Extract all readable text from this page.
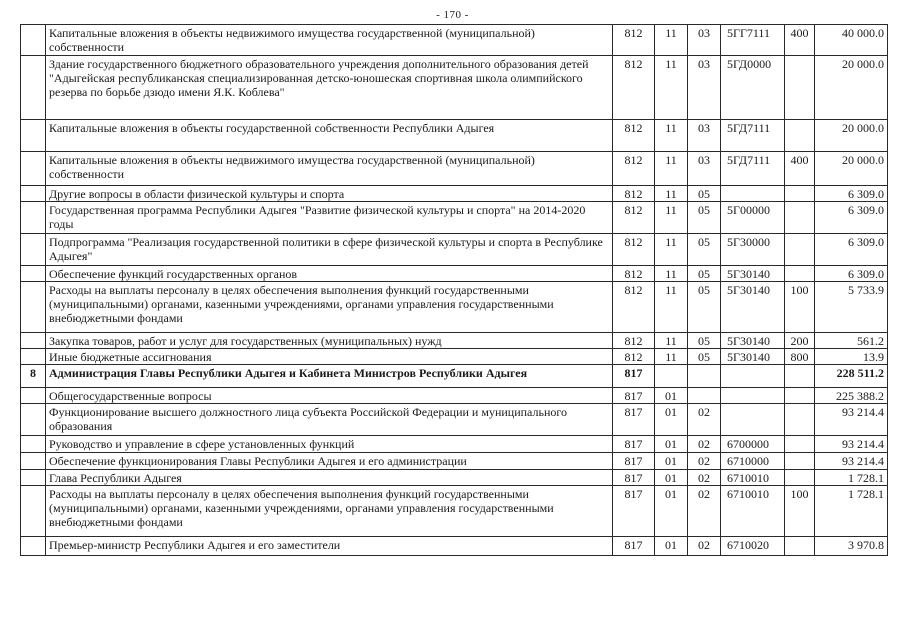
- 170 -
	Капитальные вложения в объекты недвижимого имущества государственной (муниципальной) собственности	812	11	03	5ГГ7111	400	40 000.0
	Здание государственного бюджетного образовательного учреждения дополнительного образования детей "Адыгейская республиканская специализированная детско-юношеская спортивная школа олимпийского резерва по борьбе дзюдо имени Я.К. Коблева"	812	11	03	5ГД0000		20 000.0
	Капитальные вложения в объекты государственной собственности Республики Адыгея	812	11	03	5ГД7111		20 000.0
	Капитальные вложения в объекты недвижимого имущества государственной (муниципальной) собственности	812	11	03	5ГД7111	400	20 000.0
	Другие вопросы в области физической культуры и спорта	812	11	05			6 309.0
	Государственная программа Республики Адыгея "Развитие физической культуры и спорта" на 2014-2020 годы	812	11	05	5Г00000		6 309.0
	Подпрограмма "Реализация государственной политики в сфере физической культуры и спорта в Республике Адыгея"	812	11	05	5Г30000		6 309.0
	Обеспечение функций государственных органов	812	11	05	5Г30140		6 309.0
	Расходы на выплаты персоналу в целях обеспечения выполнения функций государственными (муниципальными) органами, казенными учреждениями, органами управления государственными внебюджетными фондами	812	11	05	5Г30140	100	5 733.9
	Закупка товаров, работ и услуг для государственных (муниципальных) нужд	812	11	05	5Г30140	200	561.2
	Иные бюджетные ассигнования	812	11	05	5Г30140	800	13.9
8	Администрация Главы Республики Адыгея и Кабинета Министров Республики Адыгея	817					228 511.2
	Общегосударственные вопросы	817	01				225 388.2
	Функционирование высшего должностного лица субъекта Российской Федерации и муниципального образования	817	01	02			93 214.4
	Руководство и управление в сфере установленных функций	817	01	02	6700000		93 214.4
	Обеспечение функционирования Главы Республики Адыгея и его администрации	817	01	02	6710000		93 214.4
	Глава Республики Адыгея	817	01	02	6710010		1 728.1
	Расходы на выплаты персоналу в целях обеспечения выполнения функций государственными (муниципальными) органами, казенными учреждениями, органами управления государственными внебюджетными фондами	817	01	02	6710010	100	1 728.1
	Премьер-министр Республики Адыгея и его заместители	817	01	02	6710020		3 970.8
